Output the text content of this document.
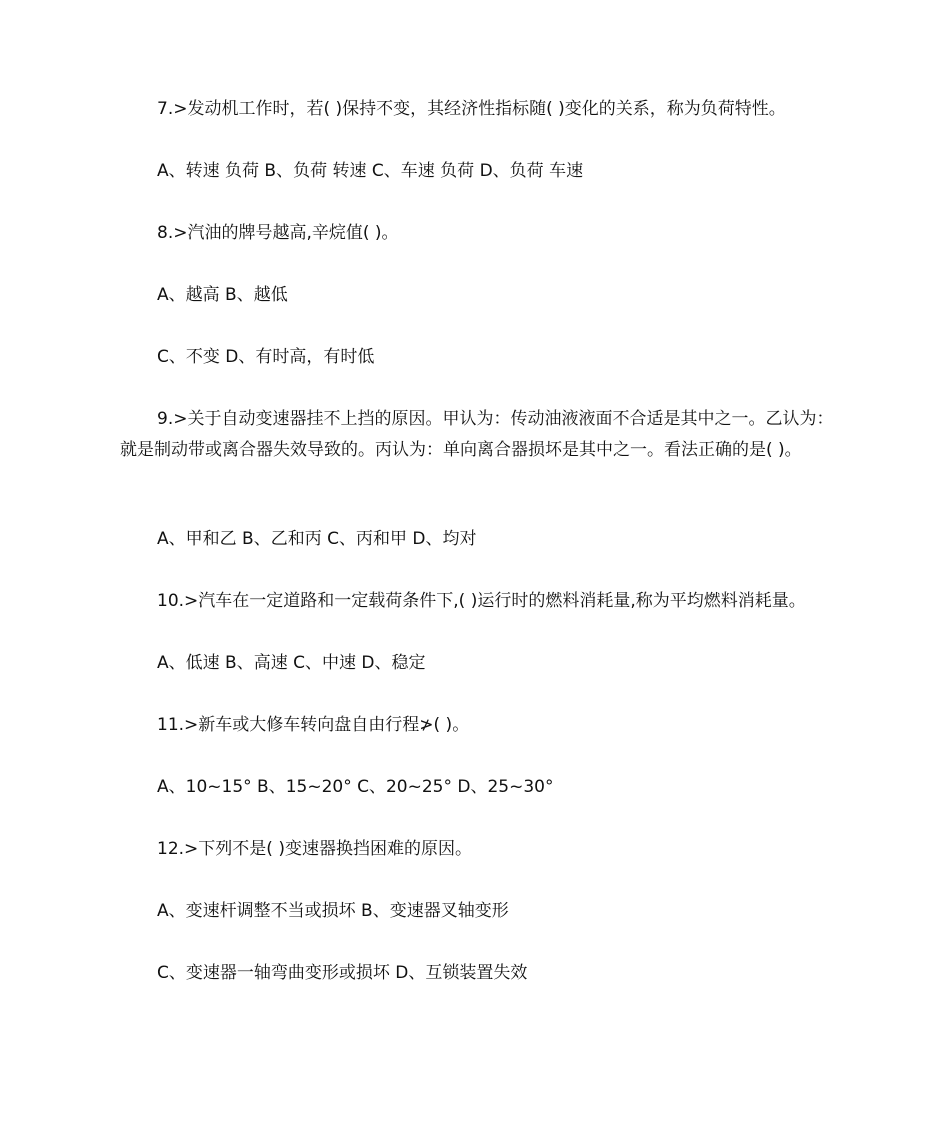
7.>发动机工作时，若( )保持不变，其经济性指标随( )变化的关系，称为负荷特性。

A、转速 负荷 B、负荷 转速 C、车速 负荷 D、负荷 车速

8.>汽油的牌号越高,辛烷值( )。

A、越高 B、越低

C、不变 D、有时高，有时低

9.>关于自动变速器挂不上挡的原因。甲认为：传动油液液面不合适是其中之一。乙认为：就是制动带或离合器失效导致的。丙认为：单向离合器损坏是其中之一。看法正确的是( )。

A、甲和乙 B、乙和丙 C、丙和甲 D、均对

10.>汽车在一定道路和一定载荷条件下,( )运行时的燃料消耗量,称为平均燃料消耗量。

A、低速 B、高速 C、中速 D、稳定

11.>新车或大修车转向盘自由行程≯( )。

A、10~15° B、15~20° C、20~25° D、25~30°

12.>下列不是( )变速器换挡困难的原因。

A、变速杆调整不当或损坏 B、变速器叉轴变形

C、变速器一轴弯曲变形或损坏 D、互锁装置失效
